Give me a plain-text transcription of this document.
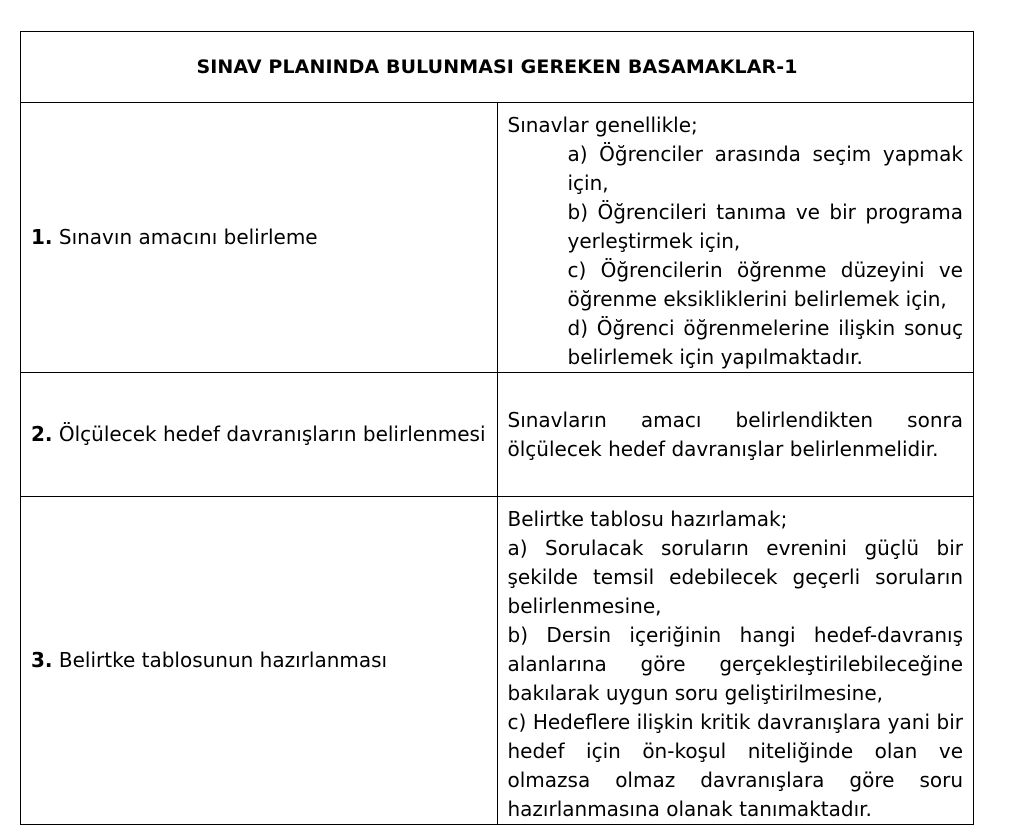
SINAV PLANINDA BULUNMASI GEREKEN BASAMAKLAR-1	
1. Sınavın amacını belirleme	Sınavlar genellikle;
a) Öğrenciler arasında seçim yapmak için,
b) Öğrencileri tanıma ve bir programa yerleştirmek için,
c) Öğrencilerin öğrenme düzeyini ve öğrenme eksikliklerini belirlemek için,
d) Öğrenci öğrenmelerine ilişkin sonuç belirlemek için yapılmaktadır.

2. Ölçülecek hedef davranışların belirlenmesi	Sınavların amacı belirlendikten sonra ölçülecek hedef davranışlar belirlenmelidir.

3. Belirtke tablosunun hazırlanması	Belirtke tablosu hazırlamak;
a) Sorulacak soruların evrenini güçlü bir şekilde temsil edebilecek geçerli soruların belirlenmesine,
b) Dersin içeriğinin hangi hedef-davranış alanlarına göre gerçekleştirilebileceğine bakılarak uygun soru geliştirilmesine,
c) Hedeflere ilişkin kritik davranışlara yani bir hedef için ön-koşul niteliğinde olan ve olmazsa olmaz davranışlara göre soru hazırlanmasına olanak tanımaktadır.
